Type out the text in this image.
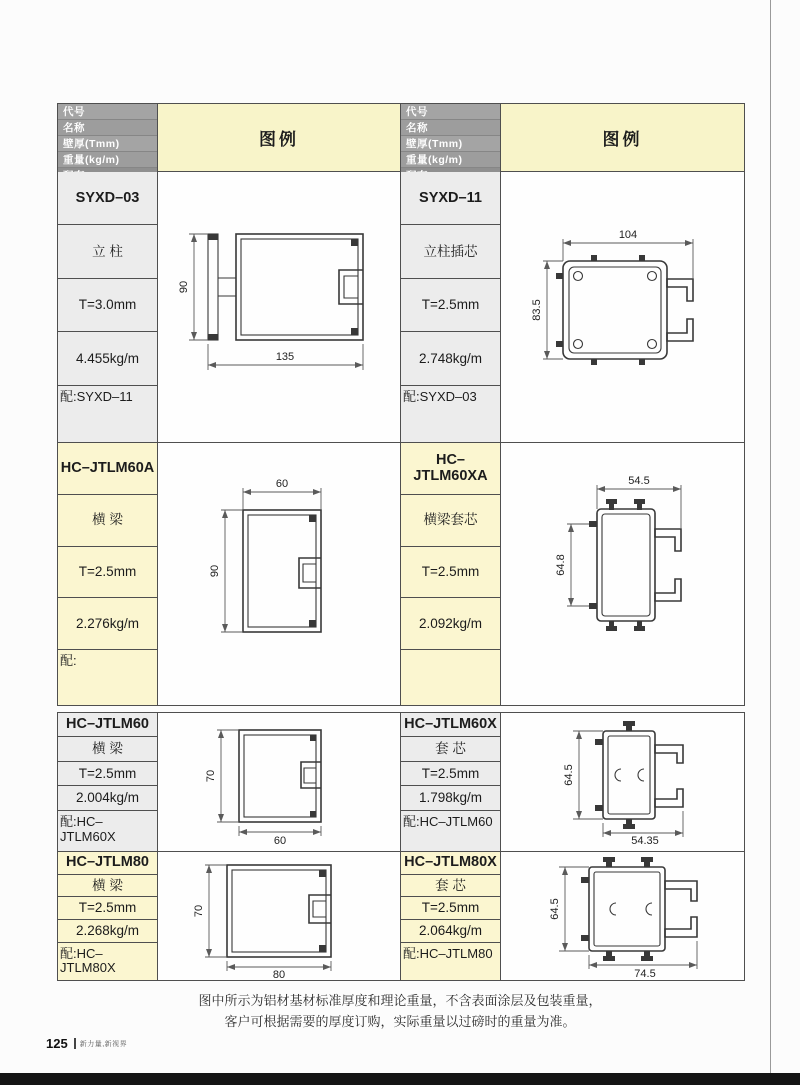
代号
名称
壁厚(Tmm)
重量(kg/m)
图例
SYXD–03
立 柱
T=3.0mm
4.455kg/m
配:SYXD–11
90
135
HC–JTLM60A
横 梁
T=2.5mm
2.276kg/m
配:
60
90
HC–JTLM60
横 梁
T=2.5mm
2.004kg/m
配:HC–JTLM60X
70
60
HC–JTLM80
横 梁
T=2.5mm
2.268kg/m
配:HC–JTLM80X
70
80
代号
名称
壁厚(Tmm)
重量(kg/m)
图例
SYXD–11
立柱插芯
T=2.5mm
2.748kg/m
配:SYXD–03
104
83.5
HC–JTLM60XA
横梁套芯
T=2.5mm
2.092kg/m
54.5
64.8
HC–JTLM60X
套 芯
T=2.5mm
1.798kg/m
配:HC–JTLM60
64.5
54.35
HC–JTLM80X
套 芯
T=2.5mm
2.064kg/m
配:HC–JTLM80
64.5
74.5
图中所示为铝材基材标准厚度和理论重量，不含表面涂层及包装重量，
客户可根据需要的厚度订购，实际重量以过磅时的重量为准。
125 新力量,新视界
